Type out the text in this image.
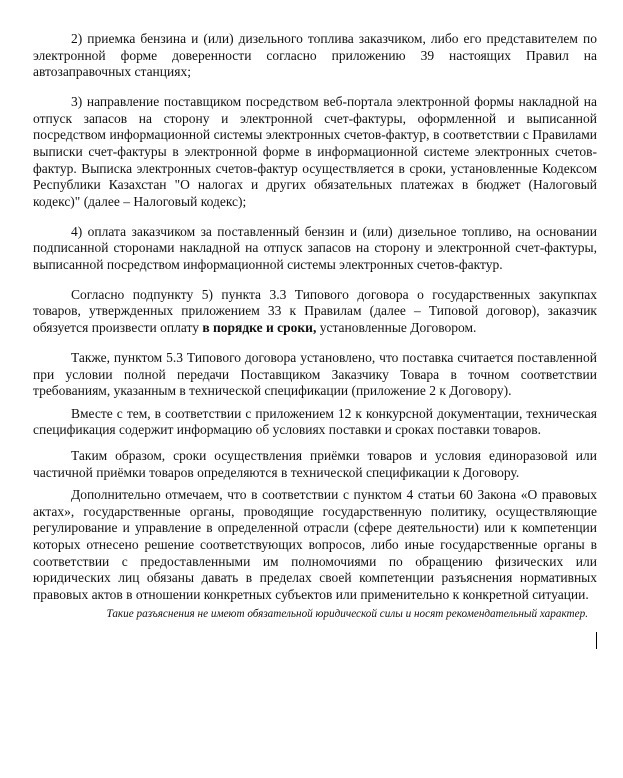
2) приемка бензина и (или) дизельного топлива заказчиком, либо его представителем по электронной форме доверенности согласно приложению 39 настоящих Правил на автозаправочных станциях;

3) направление поставщиком посредством веб-портала электронной формы накладной на отпуск запасов на сторону и электронной счет-фактуры, оформленной и выписанной посредством информационной системы электронных счетов-фактур, в соответствии с Правилами выписки счет-фактуры в электронной форме в информационной системе электронных счетов-фактур. Выписка электронных счетов-фактур осуществляется в сроки, установленные Кодексом Республики Казахстан "О налогах и других обязательных платежах в бюджет (Налоговый кодекс)" (далее – Налоговый кодекс);

4) оплата заказчиком за поставленный бензин и (или) дизельное топливо, на основании подписанной сторонами накладной на отпуск запасов на сторону и электронной счет-фактуры, выписанной посредством информационной системы электронных счетов-фактур.

Согласно подпункту 5) пункта 3.3 Типового договора о государственных закупкпах товаров, утвержденных приложением 33 к Правилам (далее – Типовой договор), заказчик обязуется произвести оплату в порядке и сроки, установленные Договором.

Также, пунктом 5.3 Типового договора установлено, что поставка считается поставленной при условии полной передачи Поставщиком Заказчику Товара в точном соответствии требованиям, указанным в технической спецификации (приложение 2 к Договору).

Вместе с тем, в соответствии с приложением 12 к конкурсной документации, техническая спецификация содержит информацию об условиях поставки и сроках поставки товаров.

Таким образом, сроки осуществления приёмки товаров и условия единоразовой или частичной приёмки товаров определяются в технической спецификации к Договору.

Дополнительно отмечаем, что в соответствии с пунктом 4 статьи 60 Закона «О правовых актах», государственные органы, проводящие государственную политику, осуществляющие регулирование и управление в определенной отрасли (сфере деятельности) или к компетенции которых отнесено решение соответствующих вопросов, либо иные государственные органы в соответствии с предоставленными им полномочиями по обращению физических или юридических лиц обязаны давать в пределах своей компетенции разъяснения нормативных правовых актов в отношении конкретных субъектов или применительно к конкретной ситуации.

Такие разъяснения не имеют обязательной юридической силы и носят рекомендательный характер.
